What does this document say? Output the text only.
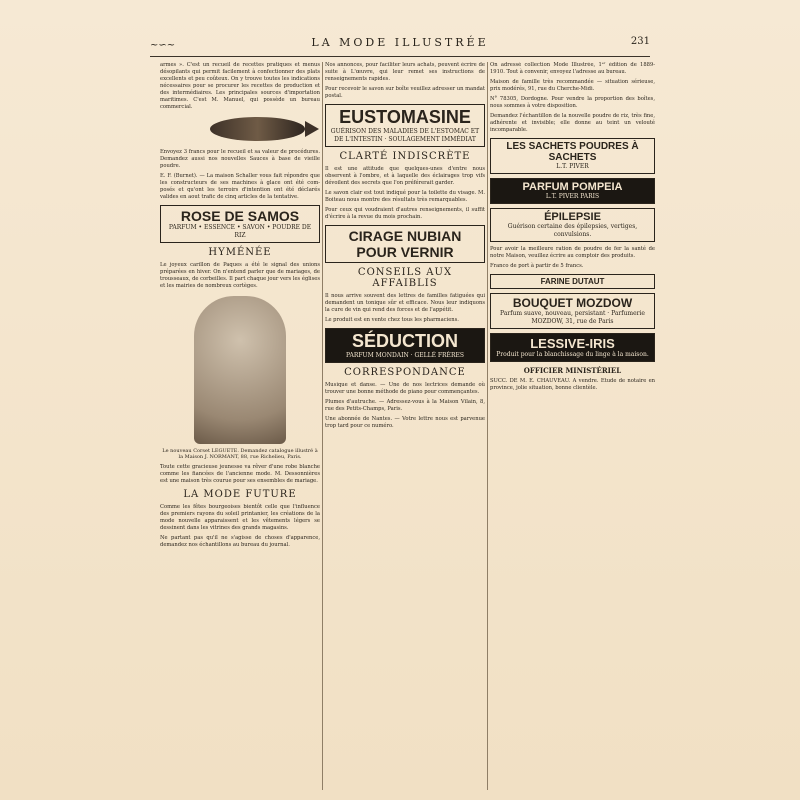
~∽~	LA MODE ILLUSTRÉE	231

armes ». C'est un recueil de recettes pratiques et menus désopilants qui permit facilement à confectionner des plats excellents et peu coûteux. On y trouve toutes les indications nécessaires pour se procurer les recettes de production et des intermédiaires. Les principales sources d'importation maritimes. C'est M. Manuel, qui possède un bureau commercial.

Envoyez 3 francs pour le recueil et sa valeur de procédures. Demandez aussi nos nouvelles Sauces à base de vieille poudre.

E. F. (Burnet). — La maison Schaller vous fait répondre que les constructeurs de ses machines à glace ont été com- posés et qu'ont les terroirs d'intention ont été déclarés valides en aout trafic de cinq articles de la tentative.

ROSE DE SAMOS
PARFUM • ESSENCE • SAVON • POUDRE DE RIZ
HYMÉNÉE

Le joyeux carillon de Paques a été le signal des unions préparées en hiver. On n'entend parler que de mariages, de trousseaux, de corbeilles. Il part chaque jour vers les églises et les mairies de nombreux cortèges.

Le nouveau Corset LEGUETE. Demandez catalogue illustré à la Maison J. NORMANT, 88, rue Richelieu, Paris.

Toute cette gracieuse jeunesse va rêver d'une robe blanche comme les fiancées de l'ancienne mode. M. Dessonnières est une maison très courue pour ses ensembles de mariage.

LA MODE FUTURE

Comme les fêtes bourgeoises bientôt celle que l'influence des premiers rayons du soleil printanier, les créations de la mode nouvelle apparaissent et les vêtements légers se dessinent dans les vitrines des grands magasins.

Ne partant pas qu'il ne s'agisse de choses d'apparence, demandez nos échantillons au bureau du journal.

Nos annonces, pour faciliter leurs achats, peuvent écrire de suite à L'œuvre, qui leur remet ses instructions de renseignements rapides.

Pour recevoir le savon sur boîte veuillez adresser un mandat postal.

EUSTOMASINE
GUÉRISON DES MALADIES DE L'ESTOMAC ET DE L'INTESTIN · SOULAGEMENT IMMÉDIAT
CLARTÉ INDISCRÈTE

Il est une attitude que quelques-unes d'entre nous observent à l'ombre, et à laquelle des éclairages trop vifs dévoilent des secrets que l'on préférerait garder.

Le savon clair est tout indiqué pour la toilette du visage. M. Boiteau nous montre des résultats très remarquables.

Pour ceux qui voudraient d'autres renseignements, il suffit d'écrire à la revue du mois prochain.

CIRAGE NUBIAN POUR VERNIR
CONSEILS AUX AFFAIBLIS

Il nous arrive souvent des lettres de familles fatiguées qui demandent un tonique sûr et efficace. Nous leur indiquons la cure de vin qui rend des forces et de l'appétit.

Le produit est en vente chez tous les pharmaciens.

SÉDUCTION
PARFUM MONDAIN · GELLÉ FRÈRES
CORRESPONDANCE

Musique et danse. — Une de nos lectrices demande où trouver une bonne méthode de piano pour commençantes.

Plumes d'autruche. — Adressez-vous à la Maison Vilain, 8, rue des Petits-Champs, Paris.

Une abonnée de Nantes. — Votre lettre nous est parvenue trop tard pour ce numéro.

On adressé collection Mode Illustrée, 1ᵉʳ édition de 1889-1910. Tout à convenir, envoyez l'adresse au bureau.

Maison de famille très recommandée — situation sérieuse, prix modérés, 91, rue du Cherche-Midi.

N° 78305, Dordogne. Pour vendre la proportion des boîtes, nous sommes à votre disposition.

Demandez l'échantillon de la nouvelle poudre de riz, très fine, adhérente et invisible; elle donne au teint un velouté incomparable.

LES SACHETS POUDRES À SACHETS
L.T. PIVER
PARFUM POMPEIA
L.T. PIVER PARIS
ÉPILEPSIE
Guérison certaine des épilepsies, vertiges, convulsions.

Pour avoir la meilleure ration de poudre de fer la santé de notre Maison, veuillez écrire au comptoir des produits.

Franco de port à partir de 5 francs.

FARINE DUTAUT
BOUQUET MOZDOW
Parfum suave, nouveau, persistant · Parfumerie MOZDOW, 31, rue de Paris
LESSIVE-IRIS
Produit pour la blanchissage du linge à la maison.
OFFICIER MINISTÉRIEL

SUCC. DE M. E. CHAUVEAU. A vendre. Etude de notaire en province, jolie situation, bonne clientèle.
